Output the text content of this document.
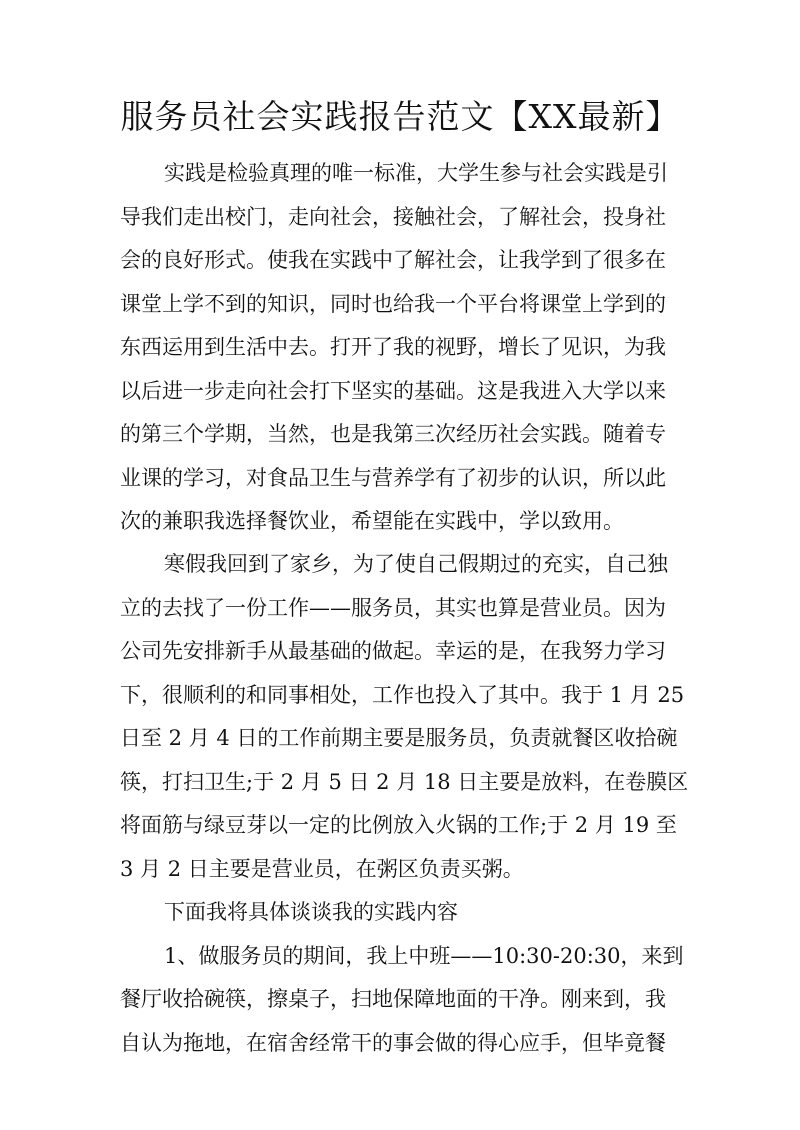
服务员社会实践报告范文【XX最新】
实践是检验真理的唯一标准，大学生参与社会实践是引
导我们走出校门，走向社会，接触社会，了解社会，投身社
会的良好形式。使我在实践中了解社会，让我学到了很多在
课堂上学不到的知识，同时也给我一个平台将课堂上学到的
东西运用到生活中去。打开了我的视野，增长了见识，为我
以后进一步走向社会打下坚实的基础。这是我进入大学以来
的第三个学期，当然，也是我第三次经历社会实践。随着专
业课的学习，对食品卫生与营养学有了初步的认识，所以此
次的兼职我选择餐饮业，希望能在实践中，学以致用。
寒假我回到了家乡，为了使自己假期过的充实，自己独
立的去找了一份工作——服务员，其实也算是营业员。因为
公司先安排新手从最基础的做起。幸运的是，在我努力学习
下，很顺利的和同事相处，工作也投入了其中。我于 1 月 25
日至 2 月 4 日的工作前期主要是服务员，负责就餐区收拾碗
筷，打扫卫生;于 2 月 5 日 2 月 18 日主要是放料，在卷膜区
将面筋与绿豆芽以一定的比例放入火锅的工作;于 2 月 19 至
3 月 2 日主要是营业员，在粥区负责买粥。
下面我将具体谈谈我的实践内容
1、做服务员的期间，我上中班——10:30-20:30，来到
餐厅收拾碗筷，擦桌子，扫地保障地面的干净。刚来到，我
自认为拖地，在宿舍经常干的事会做的得心应手，但毕竟餐
